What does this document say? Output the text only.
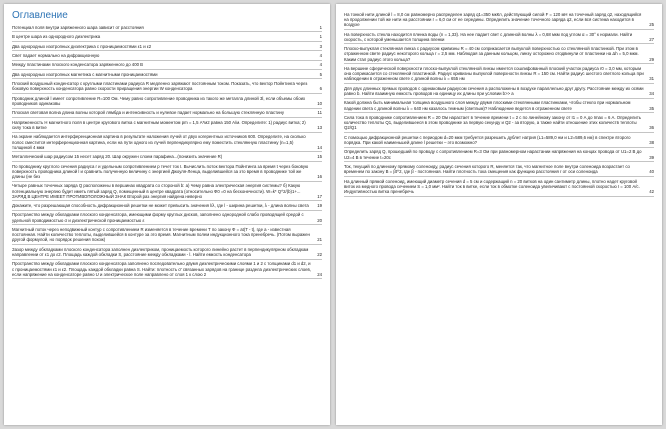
Оглавление
Потенциал поля внутри заряженного шара зависит от расстояния	1
В центре шара из однородного диэлектрика	1
Два однородных изотропных диэлектрика с проницаемостями ε1 и ε2	3
Свет падает нормально на дифракционную	4
Между пластинами плоского конденсатора заряженного до 400 В	4
Два однородных изотропных магнетика с магнитными проницаемостями	5
Плоский воздушный конденсатор с круглыми пластинами радиуса R медленно заряжают постоянным током. Показать, что вектор Пойнтинга через боковую поверхность конденсатора равно скорости приращения энергии W конденсатора	6
Проводник длиной l имеет сопротивление R=100 Ом. Чему равно сопротивление проводника из такого же металла длиной 3l, если объемы обоих проводников одинаковы	10
Плоская световая волна длина волны которой лямбда и интенсивность и нулевое падает нормально на большую стеклянную пластину	11
Напряженность Н магнитного поля в центре кругового витка с магнитным моментом pm = 1,5 А*м2 равна 150 А/м. Определите: 1) радиус витка; 2) силу тока в витке	13
На экране наблюдается интерференционная картина в результате наложения лучей от двух когерентных источников 600. Определите, на сколько полос сместится интерференционная картина, если на пути одного из лучей перпендикулярно ему поместить стеклянную пластинку (n=1,5) толщиной 4 мкм	14
Металлический шар радиусом 15 несет заряд 20. Шар окружен слоем парафина...(понизить значение R)	15
По проводнику круглого сечения радиуса r и удельным сопротивлением р течет ток I. Вычислить поток вектора Пойнтинга за время t через боковую поверхность проводника длиной l и сравнить полученную величину с энергией Джоуля-Ленца, выделившейся за это время в проводнике той же длины (не без	16
Четыре равных точечных заряда Q расположены в вершинах квадрата со стороной b: а) Чему равна электрическая энергия системы? б) Какую потенциальную энергию будет иметь пятый заряд Q, помещенный в центре квадрата (относительно Ф0 =0 на бесконечности). W=k* Q^2/(b)1+... ЗАРЯД В ЦЕНТРЕ ИМЕЕТ ПРОТИВОПОЛОЖНЫЙ ЗНАК Второй раз энергия найдена неверно	17
Докажите, что разрешающая способность дифракционной решетки не может превысить значения l/λ, где l - ширина решетки, λ - длина волны света	19
Пространство между обкладками плоского конденсатора, имеющими форму круглых дисков, заполнено однородной слабо проводящей средой с удельной проводимостью σ и диэлектрической проницаемостью ε	20
Магнитный поток через неподвижный контур с сопротивлением R изменяется в течение времени Т по закону Ф = at(T - t), где a - известная постоянная. Найти количество теплоты, выделившейся в контуре за это время. Магнитным полем индукционного тока пренебречь. (Потом выражен другой формулой, но порядок решения похож)	21
Зазор между обкладками плоского конденсатора заполнен диэлектриком, проницаемость которого линейно растет в перпендикулярном обкладкам направлении от ε1 до ε2. Площадь каждой обкладки S, расстояние между обкладками - l. Найти емкость конденсатора	22
Пространство между обкладками плоского конденсатора заполнено последовательно двумя диэлектрическими слоями 1 и 2 с толщинами d1 и d2, и с проницаемостями ε1 и ε2. Площадь каждой обкладки равна S. Найти: плотность σ' связанных зарядов на границе раздела диэлектрических слоев, если напряжение на конденсаторе равно U и электрическое поле направлено от слоя 1 к слою 2	24
На тонкой нити длиной l = 8,0 см равномерно распределен заряд q1=350 мкКл, действующий силой F = 120 мН на точечный заряд q2, находящийся на продолжении той же нити на расстоянии r = 6,0 см от ее середины. Определить значение точечного заряда q2, если вся система находится в воздухе	25
На поверхность стекла находится пленка воды (n = 1,33). На нее падает свет с длинной волны λ = 0,68 мкм под углом α = 30° к нормали. Найти скорость, с которой уменьшается толщина пленки	27
Плоско-выпуклая стеклянная линза с радиусом кривизны R = 40 см соприкасается выпуклой поверхностью со стеклянной пластинкой. При этом в отраженном свете радиус некоторого кольца r = 2,5 мм. Наблюдая за данным кольцом, линзу осторожно отодвинули от пластинки на Δh = 5,0 мкм. Каким стал радиус этого кольца?	29
На вершине сферической поверхности плоско-выпуклой стеклянной линзы имеется сошлифованный плоский участок радиуса r0 = 3,0 мм, которым она соприкасается со стеклянной пластинкой. Радиус кривизны выпуклой поверхности линзы R = 150 см. Найти радиус шестого светлого кольца при наблюдении в отраженном свете с длиной волны λ = 655 нм	31
Для двух длинных прямых проводов с одинаковым радиусом сечения а расположены в воздухе параллельно друг другу. Расстояние между их осями равно b. Найти взаимную емкость проводов на единицу их длины при условии b>> a	34
Какой должна быть минимальная толщина воздушного слоя между двумя плоскими стеклянными пластинками, чтобы стекло при нормальном падении света с длиной волны λ = 640 нм казалось темным (светлым)? Наблюдение ведется в отраженном свете	35
Сила тока в проводнике сопротивлением R = 20 Ом нарастает в течение времени t = 2 с по линейному закону от I1 = 0 А до Imax = 6 А. Определить количество теплоты Q1, выделившееся в этом проводнике за первую секунду и Q2 - за вторую, а также найти отношение этих количеств теплоты Q2/Q1	36
С помощью дифракционной решетки с периодом d=20 мкм требуется разрешить дублет натрия (L1=589,0 нм и L2=589,6 нм) в спектре второго порядка. При какой наименьшей длине l решетки – это возможно?	38
Определить заряд Q, прошедший по проводу с сопротивлением R=3 Ом при равномерном нарастании напряжения на концах провода от U1=2 В до U2=4 В в течение t=20с	39
Ток, текущий по длинному прямому соленоиду, радиус сечения которого R, меняется так, что магнитное поле внутри соленоида возрастает со временем по закону B = βt^2, где β - постоянная. Найти плотность тока смещения как функцию расстояния r от оси соленоида	40
На длинный прямой соленоид, имеющий диаметр сечения d = 5 см и содержащий n = 20 витков на один сантиметр длины, плотно надет круговой виток из медного провода сечением S = 1,0 мм². Найти ток в витке, если ток в обмотке соленоида увеличивают с постоянной скоростью I = 100 А/с. Индуктивностью витка пренебречь	42
